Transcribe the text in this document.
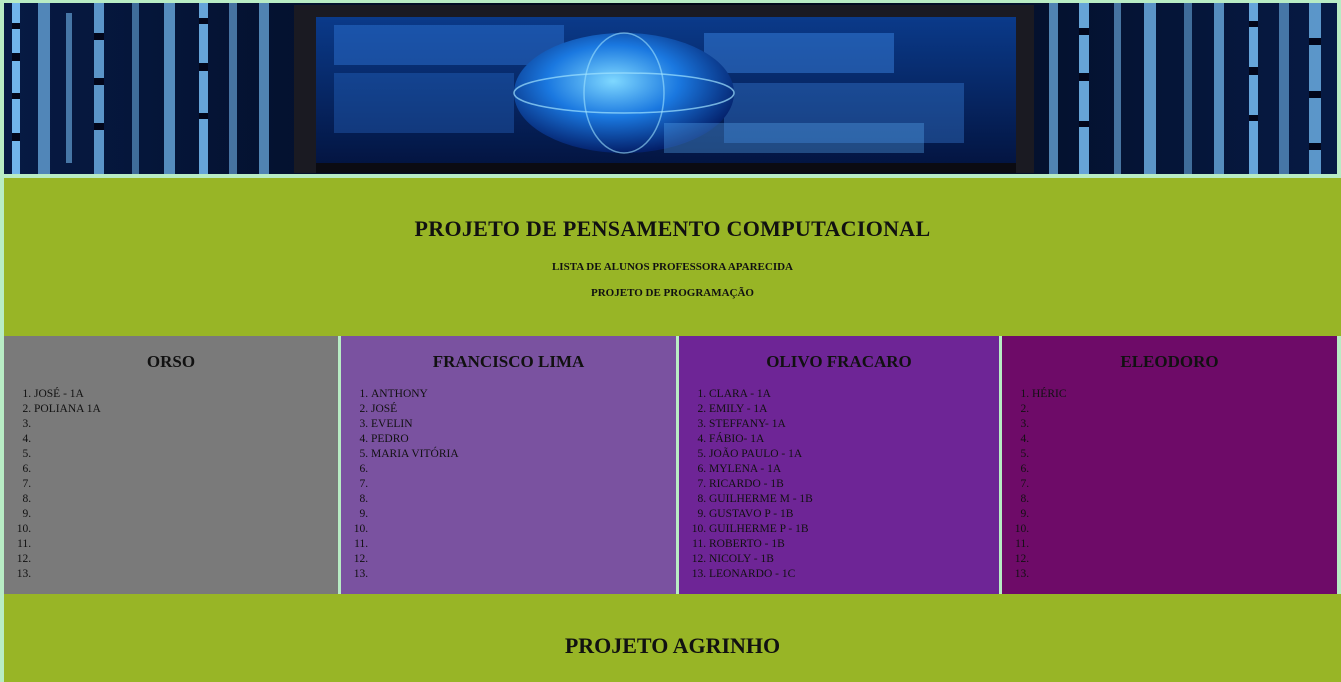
PROJETO DE PENSAMENTO COMPUTACIONAL
LISTA DE ALUNOS PROFESSORA APARECIDA
PROJETO DE PROGRAMAÇÃO
ORSO
1. JOSÉ - 1A
2. POLIANA 1A
3.
4.
5.
6.
7.
8.
9.
10.
11.
12.
13.
FRANCISCO LIMA
1. ANTHONY
2. JOSÉ
3. EVELIN
4. PEDRO
5. MARIA VITÓRIA
6.
7.
8.
9.
10.
11.
12.
13.
OLIVO FRACARO
1. CLARA - 1A
2. EMILY - 1A
3. STEFFANY- 1A
4. FÁBIO- 1A
5. JOÃO PAULO - 1A
6. MYLENA - 1A
7. RICARDO - 1B
8. GUILHERME M - 1B
9. GUSTAVO P - 1B
10. GUILHERME P - 1B
11. ROBERTO - 1B
12. NICOLY - 1B
13. LEONARDO - 1C
ELEODORO
1. HÉRIC
2.
3.
4.
5.
6.
7.
8.
9.
10.
11.
12.
13.
PROJETO AGRINHO
